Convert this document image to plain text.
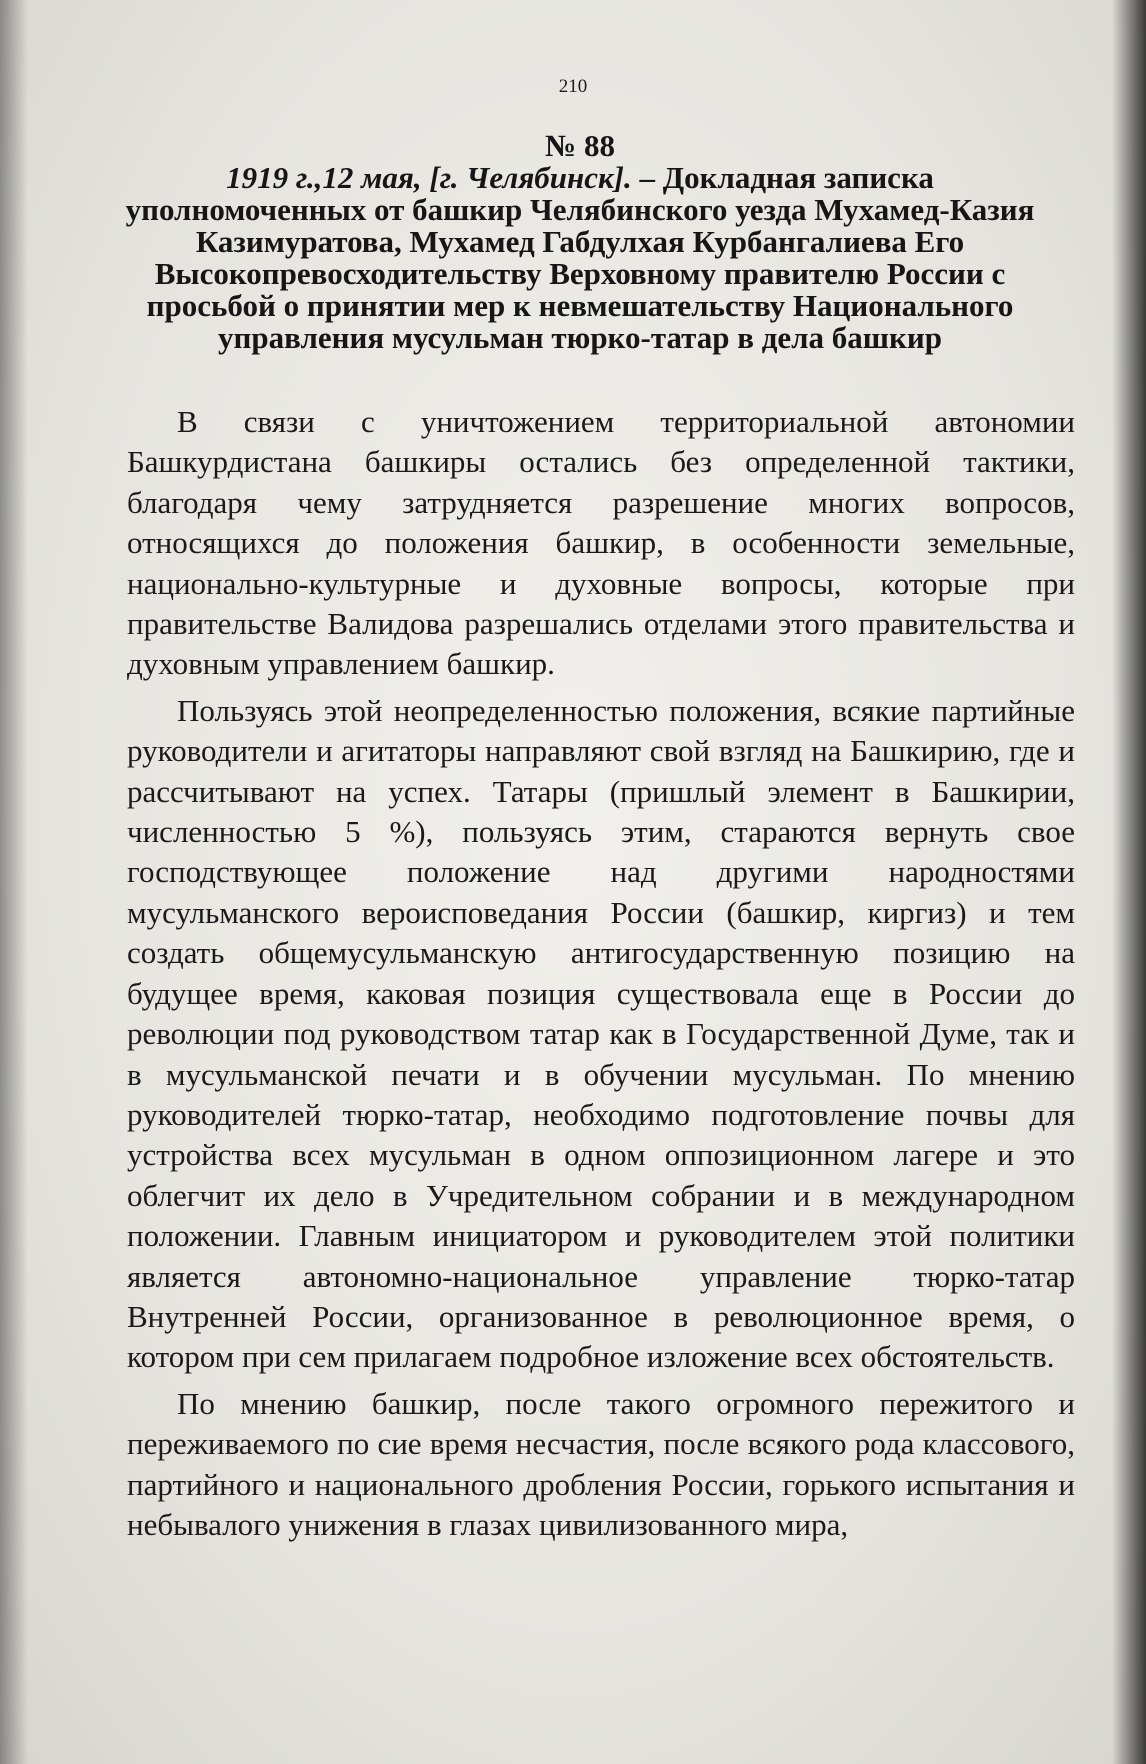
210
№ 88
1919 г.,12 мая, [г. Челябинск]. – Докладная записка уполномоченных от башкир Челябинского уезда Мухамед-Казия Казимуратова, Мухамед Габдулхая Курбангалиева Его Высокопревосходительству Верховному правителю России с просьбой о принятии мер к невмешательству Национального управления мусульман тюрко-татар в дела башкир

В связи с уничтожением территориальной автономии Башкурдистана башкиры остались без определенной тактики, благодаря чему затрудняется разрешение многих вопросов, относящихся до положения башкир, в особенности земельные, национально-культурные и духовные вопросы, которые при правительстве Валидова разрешались отделами этого правительства и духовным управлением башкир.

Пользуясь этой неопределенностью положения, всякие партийные руководители и агитаторы направляют свой взгляд на Башкирию, где и рассчитывают на успех. Татары (пришлый элемент в Башкирии, численностью 5 %), пользуясь этим, стараются вернуть свое господствующее положение над другими народностями мусульманского вероисповедания России (башкир, киргиз) и тем создать общемусульманскую антигосударственную позицию на будущее время, каковая позиция существовала еще в России до революции под руководством татар как в Государственной Думе, так и в мусульманской печати и в обучении мусульман. По мнению руководителей тюрко-татар, необходимо подготовление почвы для устройства всех мусульман в одном оппозиционном лагере и это облегчит их дело в Учредительном собрании и в международном положении. Главным инициатором и руководителем этой политики является автономно-национальное управление тюрко-татар Внутренней России, организованное в революционное время, о котором при сем прилагаем подробное изложение всех обстоятельств.

По мнению башкир, после такого огромного пережитого и переживаемого по сие время несчастия, после всякого рода классового, партийного и национального дробления России, горького испытания и небывалого унижения в глазах цивилизованного мира,
